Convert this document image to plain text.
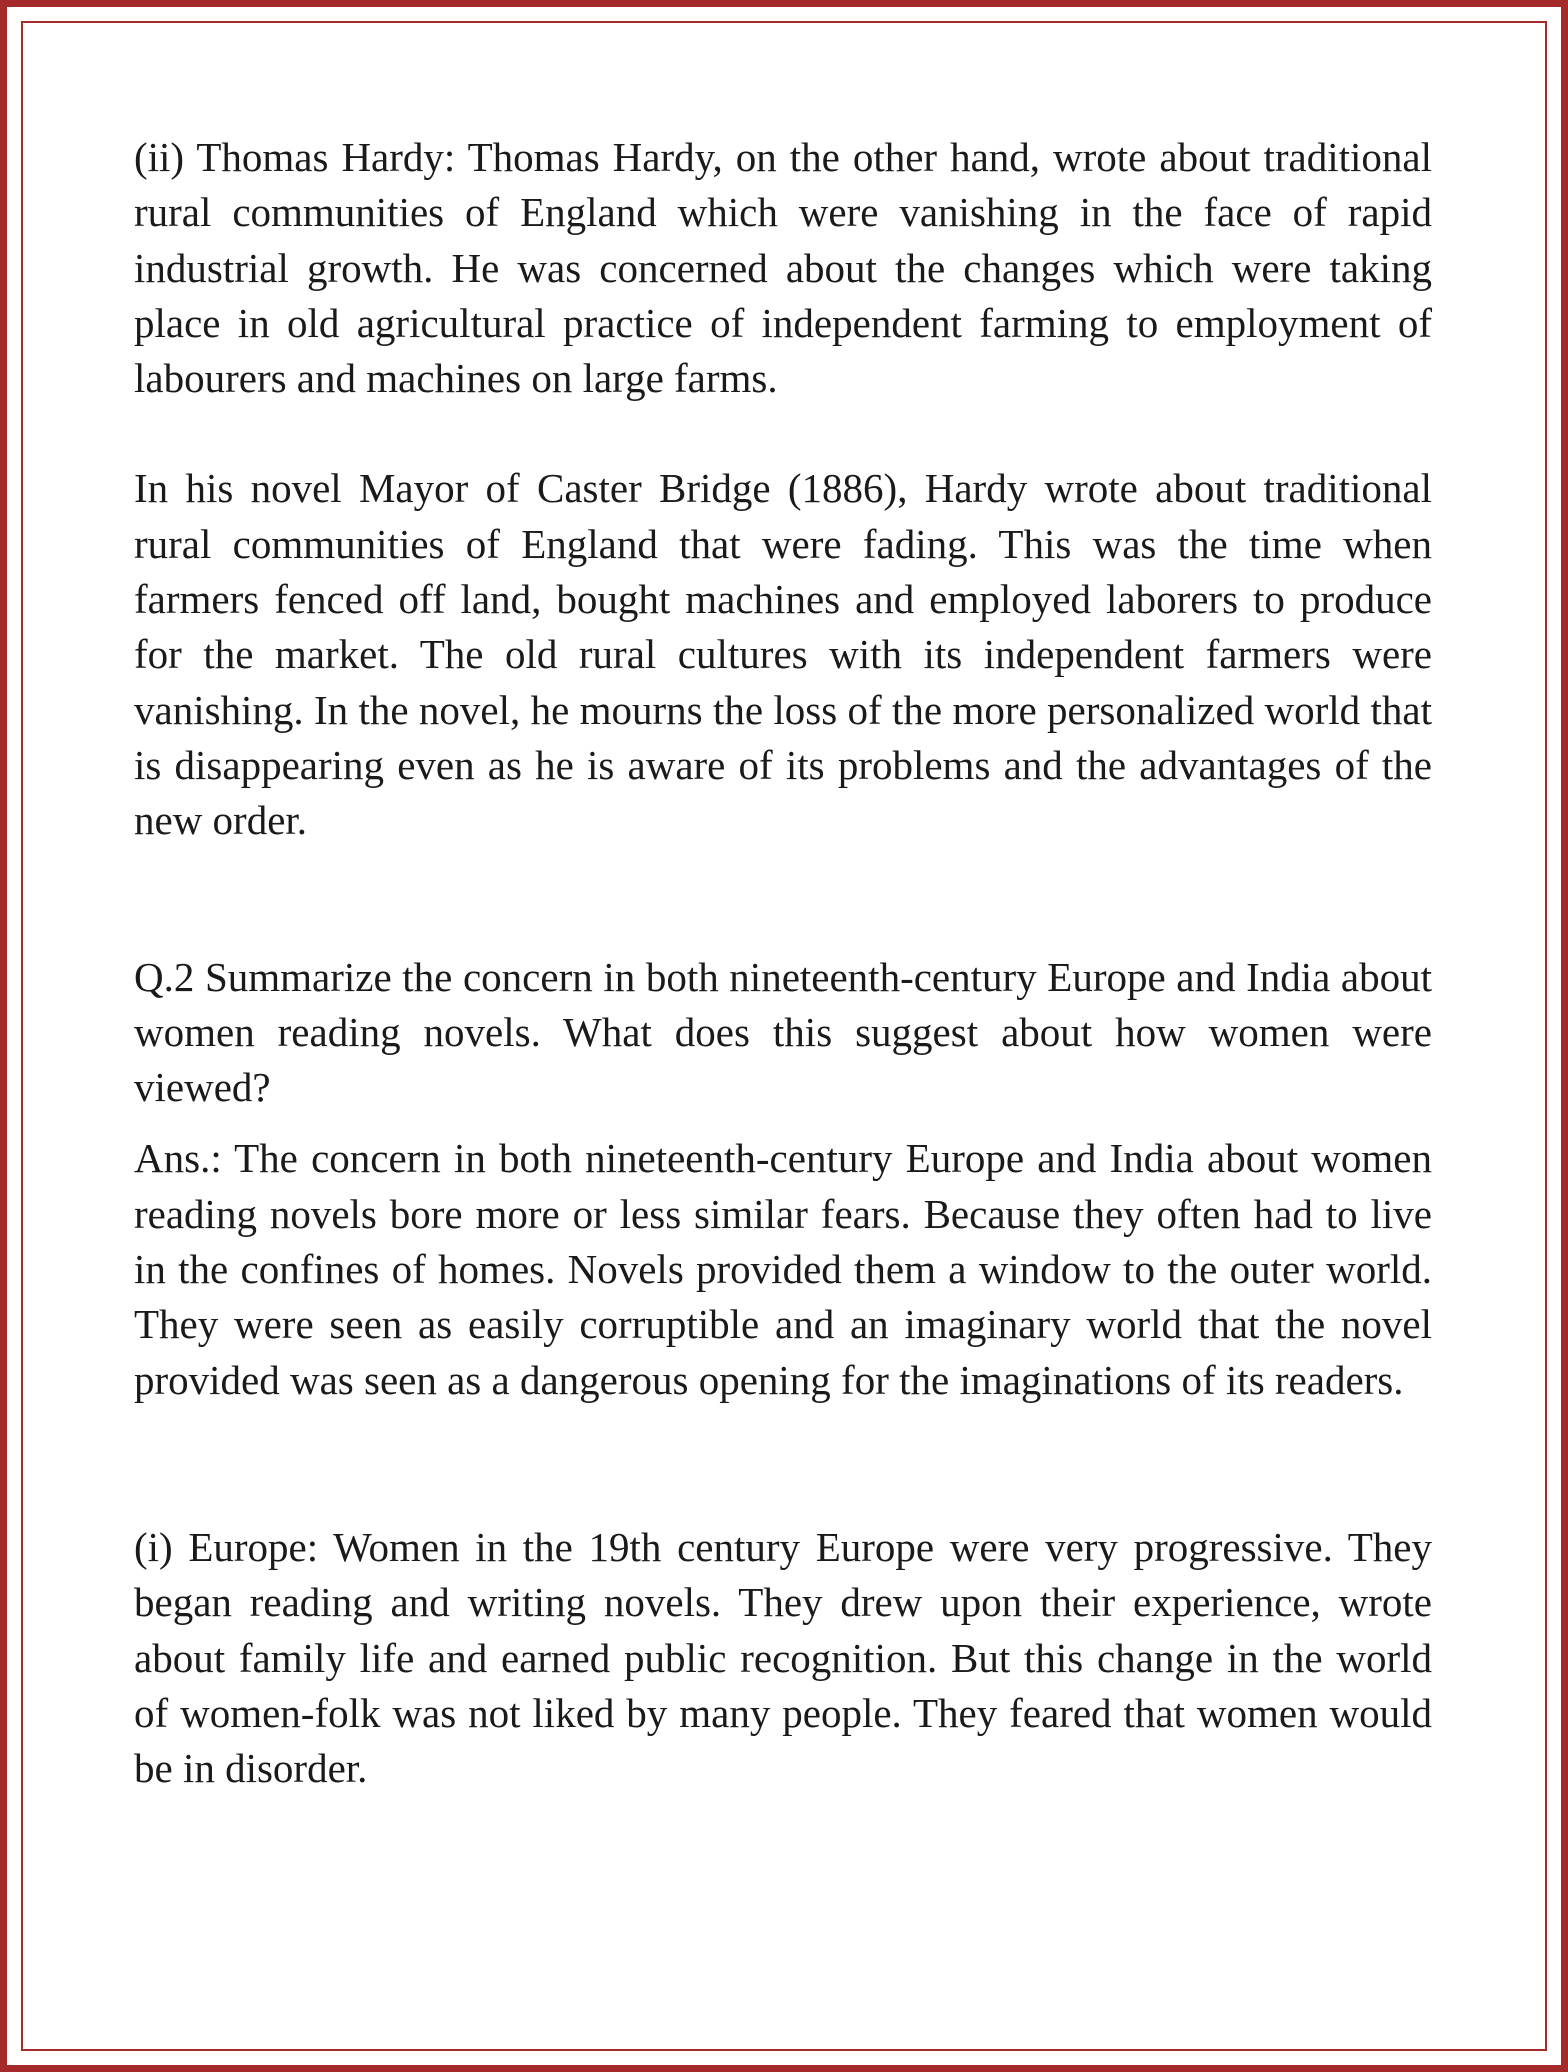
(ii) Thomas Hardy: Thomas Hardy, on the other hand, wrote about traditional rural communities of England which were vanishing in the face of rapid industrial growth. He was concerned about the changes which were taking place in old agricultural practice of independent farming to employment of labourers and machines on large farms.

In his novel Mayor of Caster Bridge (1886), Hardy wrote about traditional rural communities of England that were fading. This was the time when farmers fenced off land, bought machines and employed laborers to produce for the market. The old rural cultures with its independent farmers were vanishing. In the novel, he mourns the loss of the more personalized world that is disappearing even as he is aware of its problems and the advantages of the new order.

Q.2 Summarize the concern in both nineteenth-century Europe and India about women reading novels. What does this suggest about how women were viewed?

Ans.: The concern in both nineteenth-century Europe and India about women reading novels bore more or less similar fears. Because they often had to live in the confines of homes. Novels provided them a window to the outer world. They were seen as easily corruptible and an imaginary world that the novel provided was seen as a dangerous opening for the imaginations of its readers.

(i) Europe: Women in the 19th century Europe were very progressive. They began reading and writing novels. They drew upon their experience, wrote about family life and earned public recognition. But this change in the world of women-folk was not liked by many people. They feared that women would be in disorder.
